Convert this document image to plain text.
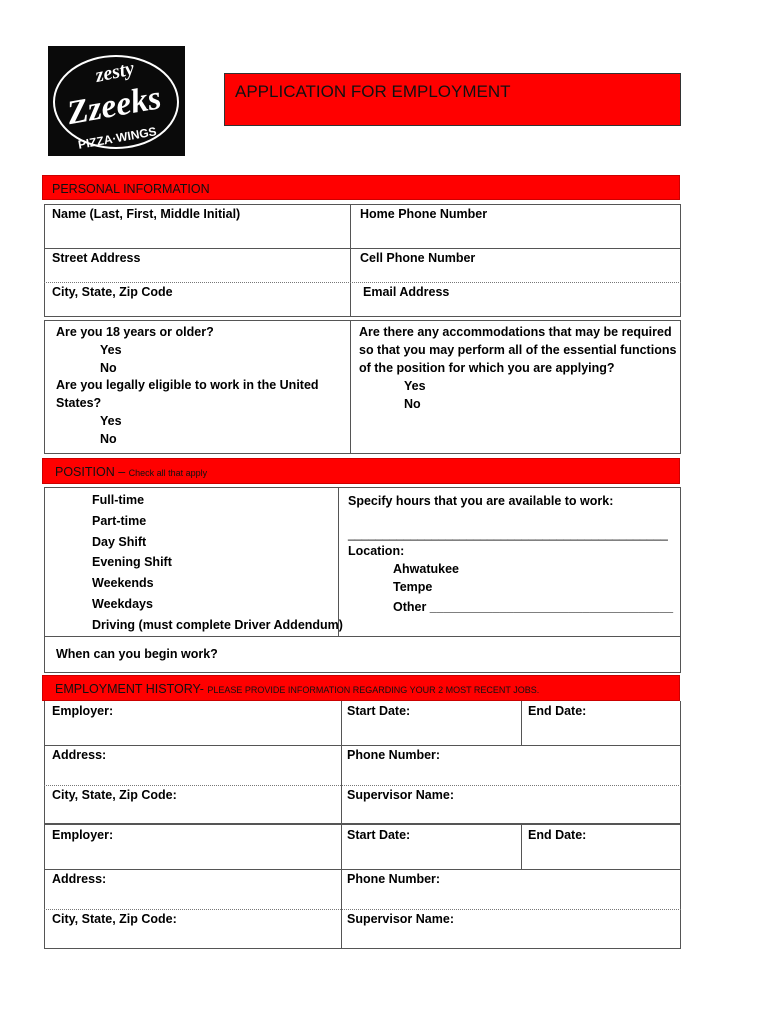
zesty
Zzeeks
PIZZA·WINGS
APPLICATION FOR EMPLOYMENT
PERSONAL INFORMATION
Name (Last, First, Middle Initial)	Home Phone Number
Street Address	Cell Phone Number
City, State, Zip Code	Email Address
Are you 18 years or older?
Yes
No
Are you legally eligible to work in the United
States?
Yes
No
Are there any accommodations that may be required
so that you may perform all of the essential functions
of the position for which you are applying?
Yes
No
POSITION – Check all that apply
Full-time
Part-time
Day Shift
Evening Shift
Weekends
Weekdays
Driving (must complete Driver Addendum)
Specify hours that you are available to work:
______________________________________________
Location:
Ahwatukee
Tempe
Other ___________________________________
When can you begin work?
EMPLOYMENT HISTORY- PLEASE PROVIDE INFORMATION REGARDING YOUR 2 MOST RECENT JOBS.
Employer:	Start Date:	End Date:
Address:	Phone Number:
City, State, Zip Code:	Supervisor Name:
Employer:	Start Date:	End Date:
Address:	Phone Number:
City, State, Zip Code:	Supervisor Name:
